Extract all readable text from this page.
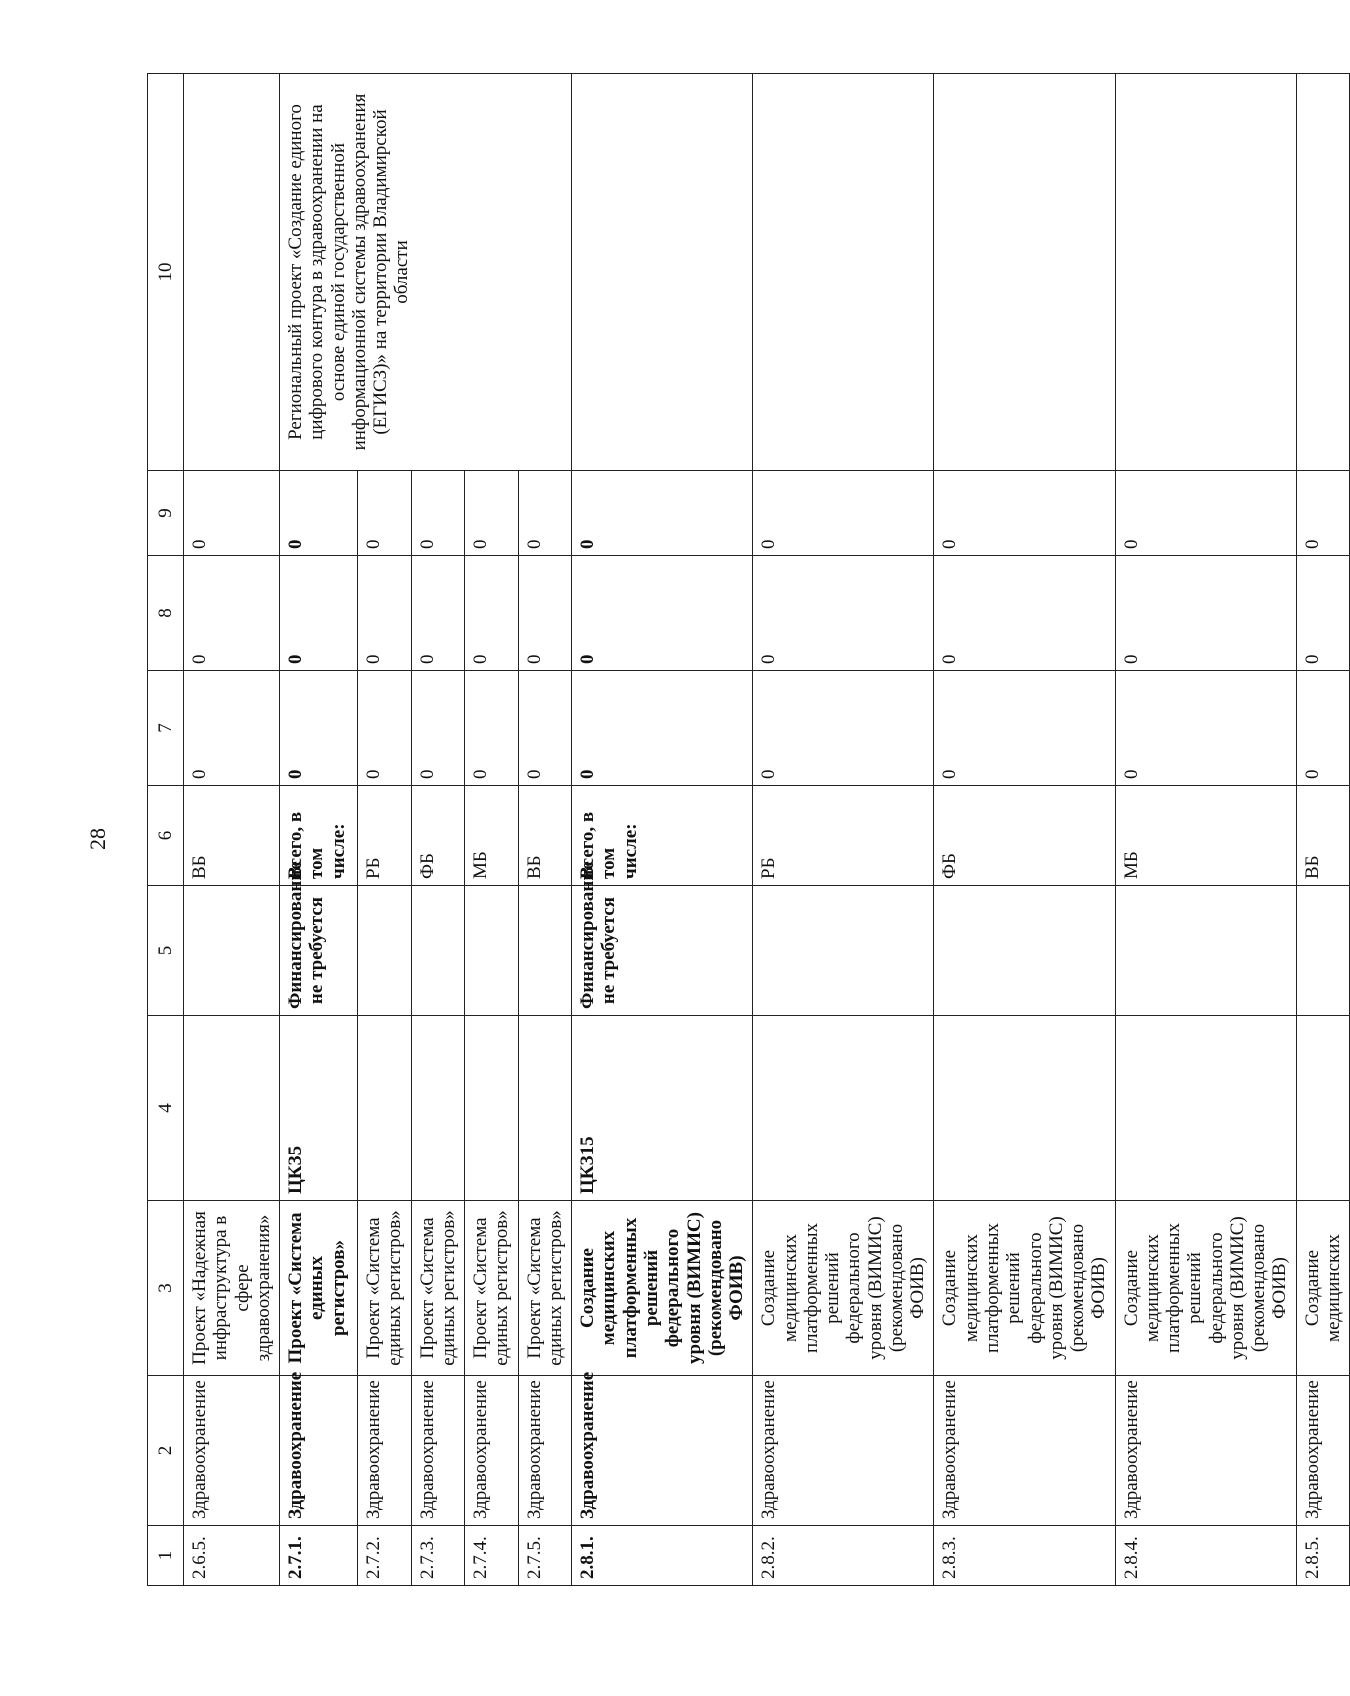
28
1	2	3	4	5	6	7	8	9	10
2.6.5.	Здравоохранение	Проект «Надежная инфраструктура в сфере здравоохранения»			ВБ	0	0	0	
2.7.1.	Здравоохранение	Проект «Система единых регистров»	ЦКЗ5	Финансирование не требуется	Всего, в том числе:	0	0	0	Региональный проект «Создание единого цифрового контура в здравоохранении на основе единой государственной информационной системы здравоохранения (ЕГИСЗ)» на территории Владимирской области
2.7.2.	Здравоохранение	Проект «Система единых регистров»			РБ	0	0	0	
2.7.3.	Здравоохранение	Проект «Система единых регистров»			ФБ	0	0	0	
2.7.4.	Здравоохранение	Проект «Система единых регистров»			МБ	0	0	0	
2.7.5.	Здравоохранение	Проект «Система единых регистров»			ВБ	0	0	0	
2.8.1.	Здравоохранение	Создание медицинских платформенных решений федерального уровня (ВИМИС) (рекомендовано ФОИВ)	ЦКЗ15	Финансирование не требуется	Всего, в том числе:	0	0	0	
2.8.2.	Здравоохранение	Создание медицинских платформенных решений федерального уровня (ВИМИС) (рекомендовано ФОИВ)			РБ	0	0	0	
2.8.3.	Здравоохранение	Создание медицинских платформенных решений федерального уровня (ВИМИС) (рекомендовано ФОИВ)			ФБ	0	0	0	
2.8.4.	Здравоохранение	Создание медицинских платформенных решений федерального уровня (ВИМИС) (рекомендовано ФОИВ)			МБ	0	0	0	
2.8.5.	Здравоохранение	Создание медицинских			ВБ	0	0	0	
